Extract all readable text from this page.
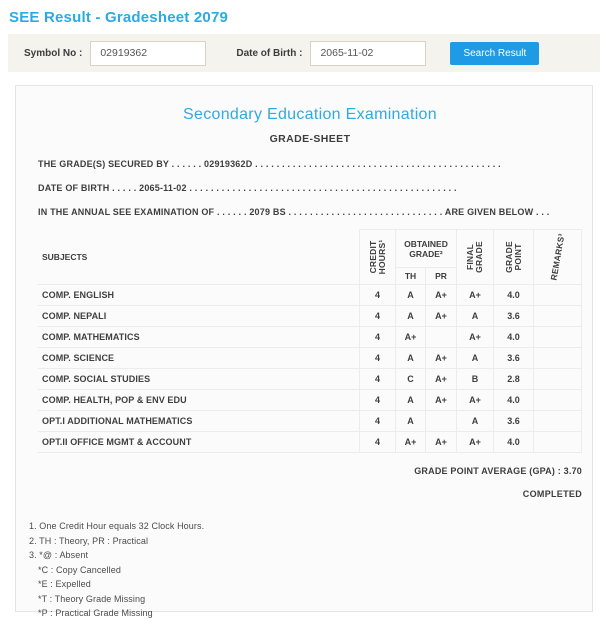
SEE Result - Gradesheet 2079
Symbol No :
02919362	Date of Birth :
2065-11-02	Search Result
Secondary Education Examination
GRADE-SHEET
THE GRADE(S) SECURED BY . . . . . . 02919362D . . . . . . . . . . . . . . . . . . . . . . . . . . . . . . . . . . . . . . . . . . . . . .
DATE OF BIRTH . . . . . 2065-11-02 . . . . . . . . . . . . . . . . . . . . . . . . . . . . . . . . . . . . . . . . . . . . . . . . . .
IN THE ANNUAL SEE EXAMINATION OF . . . . . . 2079 BS . . . . . . . . . . . . . . . . . . . . . . . . . . . . . ARE GIVEN BELOW . . .
SUBJECTS	CREDIT HOURS¹	OBTAINED GRADE²		FINAL GRADE	GRADE POINT	REMARKS³

		TH	PR			
COMP. ENGLISH	4	A	A+	A+	4.0	
COMP. NEPALI	4	A	A+	A	3.6	
COMP. MATHEMATICS	4	A+		A+	4.0	
COMP. SCIENCE	4	A	A+	A	3.6	
COMP. SOCIAL STUDIES	4	C	A+	B	2.8	
COMP. HEALTH, POP & ENV EDU	4	A	A+	A+	4.0	
OPT.I ADDITIONAL MATHEMATICS	4	A		A	3.6	
OPT.II OFFICE MGMT & ACCOUNT	4	A+	A+	A+	4.0	
GRADE POINT AVERAGE (GPA) : 3.70
COMPLETED
1. One Credit Hour equals 32 Clock Hours.
2. TH : Theory, PR : Practical
3. *@ : Absent
*C : Copy Cancelled
*E : Expelled
*T : Theory Grade Missing
*P : Practical Grade Missing
